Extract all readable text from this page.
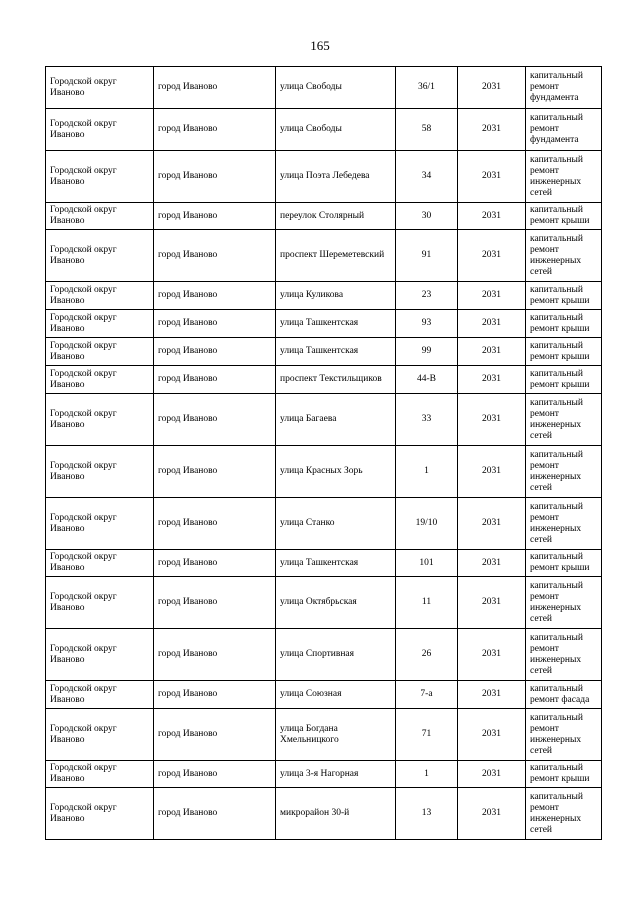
165
Городской округ Иваново	город Иваново	улица Свободы	36/1	2031	капитальный ремонт фундамента
Городской округ Иваново	город Иваново	улица Свободы	58	2031	капитальный ремонт фундамента
Городской округ Иваново	город Иваново	улица Поэта Лебедева	34	2031	капитальный ремонт инженерных сетей
Городской округ Иваново	город Иваново	переулок Столярный	30	2031	капитальный ремонт крыши
Городской округ Иваново	город Иваново	проспект Шереметевский	91	2031	капитальный ремонт инженерных сетей
Городской округ Иваново	город Иваново	улица Куликова	23	2031	капитальный ремонт крыши
Городской округ Иваново	город Иваново	улица Ташкентская	93	2031	капитальный ремонт крыши
Городской округ Иваново	город Иваново	улица Ташкентская	99	2031	капитальный ремонт крыши
Городской округ Иваново	город Иваново	проспект Текстильщиков	44-В	2031	капитальный ремонт крыши
Городской округ Иваново	город Иваново	улица Багаева	33	2031	капитальный ремонт инженерных сетей
Городской округ Иваново	город Иваново	улица Красных Зорь	1	2031	капитальный ремонт инженерных сетей
Городской округ Иваново	город Иваново	улица Станко	19/10	2031	капитальный ремонт инженерных сетей
Городской округ Иваново	город Иваново	улица Ташкентская	101	2031	капитальный ремонт крыши
Городской округ Иваново	город Иваново	улица Октябрьская	11	2031	капитальный ремонт инженерных сетей
Городской округ Иваново	город Иваново	улица Спортивная	26	2031	капитальный ремонт инженерных сетей
Городской округ Иваново	город Иваново	улица Союзная	7-а	2031	капитальный ремонт фасада
Городской округ Иваново	город Иваново	улица Богдана Хмельницкого	71	2031	капитальный ремонт инженерных сетей
Городской округ Иваново	город Иваново	улица 3-я Нагорная	1	2031	капитальный ремонт крыши
Городской округ Иваново	город Иваново	микрорайон 30-й	13	2031	капитальный ремонт инженерных сетей
